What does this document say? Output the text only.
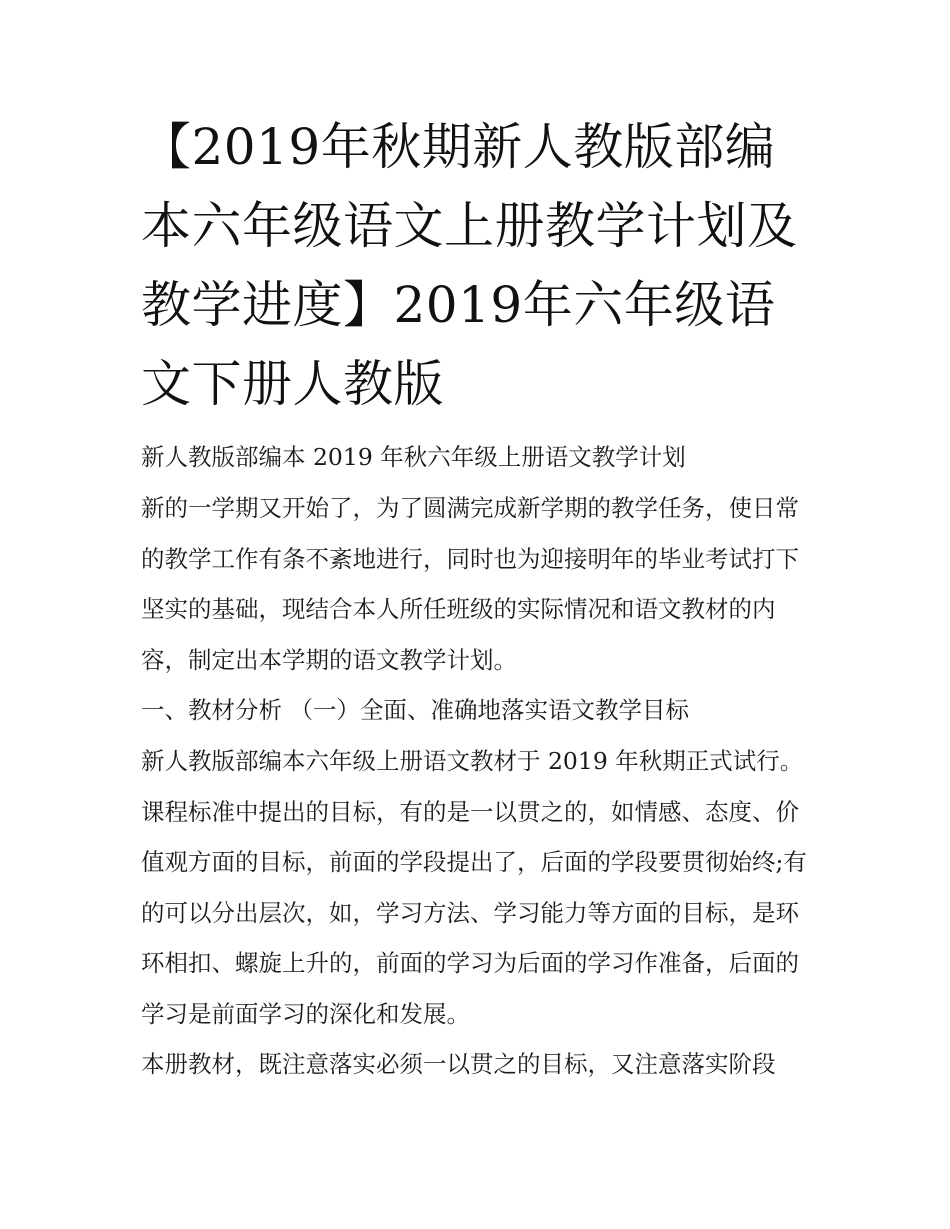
【2019年秋期新人教版部编本六年级语文上册教学计划及教学进度】2019年六年级语文下册人教版

新人教版部编本 2019 年秋六年级上册语文教学计划

新的一学期又开始了，为了圆满完成新学期的教学任务，使日常的教学工作有条不紊地进行，同时也为迎接明年的毕业考试打下坚实的基础，现结合本人所任班级的实际情况和语文教材的内容，制定出本学期的语文教学计划。

一、教材分析 （一）全面、准确地落实语文教学目标

新人教版部编本六年级上册语文教材于 2019 年秋期正式试行。课程标准中提出的目标，有的是一以贯之的，如情感、态度、价值观方面的目标，前面的学段提出了，后面的学段要贯彻始终;有的可以分出层次，如，学习方法、学习能力等方面的目标，是环环相扣、螺旋上升的，前面的学习为后面的学习作准备，后面的学习是前面学习的深化和发展。

本册教材，既注意落实必须一以贯之的目标，又注意落实阶段
